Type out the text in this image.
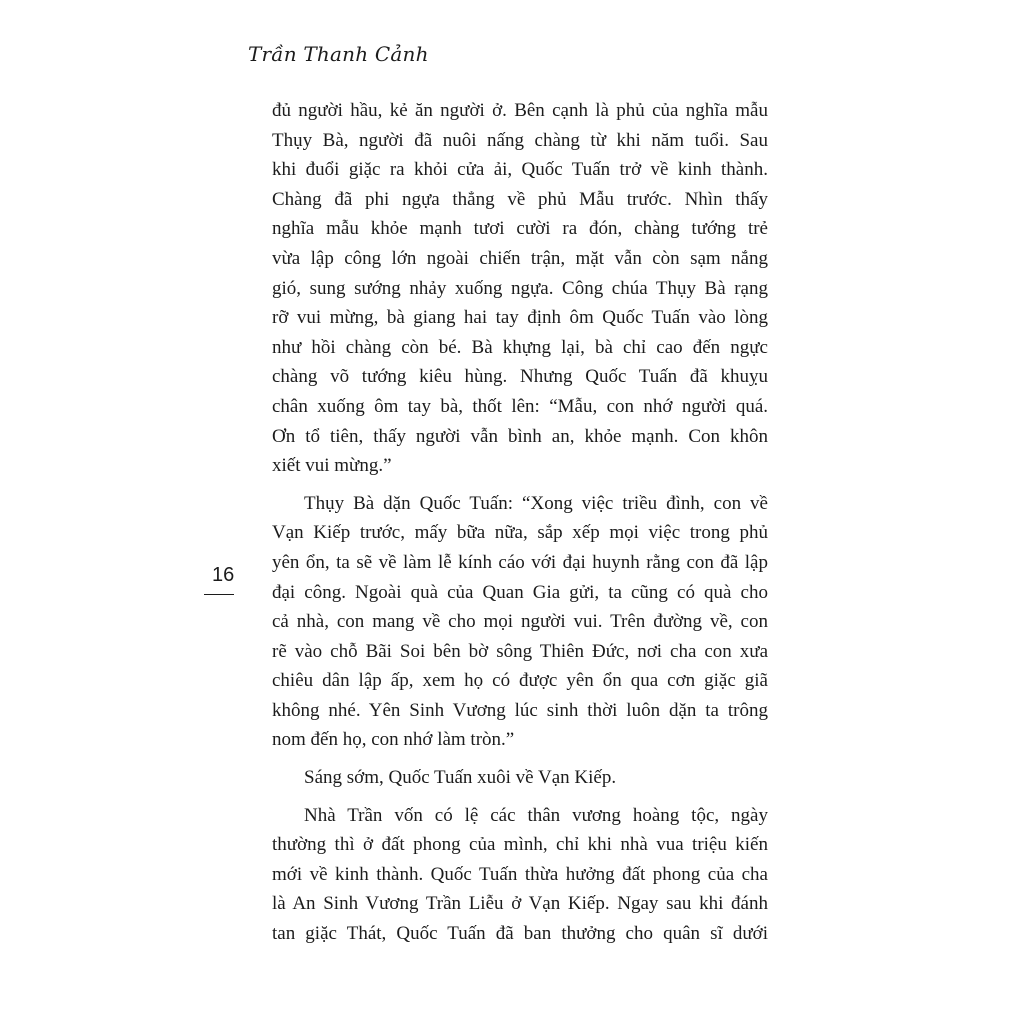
Trần Thanh Cảnh
16
đủ người hầu, kẻ ăn người ở. Bên cạnh là phủ của nghĩa mẫu
Thụy Bà, người đã nuôi nấng chàng từ khi năm tuổi. Sau
khi đuổi giặc ra khỏi cửa ải, Quốc Tuấn trở về kinh thành.
Chàng đã phi ngựa thẳng về phủ Mẫu trước. Nhìn thấy
nghĩa mẫu khỏe mạnh tươi cười ra đón, chàng tướng trẻ
vừa lập công lớn ngoài chiến trận, mặt vẫn còn sạm nắng
gió, sung sướng nhảy xuống ngựa. Công chúa Thụy Bà rạng
rỡ vui mừng, bà giang hai tay định ôm Quốc Tuấn vào lòng
như hồi chàng còn bé. Bà khựng lại, bà chỉ cao đến ngực
chàng võ tướng kiêu hùng. Nhưng Quốc Tuấn đã khuỵu
chân xuống ôm tay bà, thốt lên: “Mẫu, con nhớ người quá.
Ơn tổ tiên, thấy người vẫn bình an, khỏe mạnh. Con khôn
xiết vui mừng.”
Thụy Bà dặn Quốc Tuấn: “Xong việc triều đình, con về
Vạn Kiếp trước, mấy bữa nữa, sắp xếp mọi việc trong phủ
yên ổn, ta sẽ về làm lễ kính cáo với đại huynh rằng con đã lập
đại công. Ngoài quà của Quan Gia gửi, ta cũng có quà cho
cả nhà, con mang về cho mọi người vui. Trên đường về, con
rẽ vào chỗ Bãi Soi bên bờ sông Thiên Đức, nơi cha con xưa
chiêu dân lập ấp, xem họ có được yên ổn qua cơn giặc giã
không nhé. Yên Sinh Vương lúc sinh thời luôn dặn ta trông
nom đến họ, con nhớ làm tròn.”
Sáng sớm, Quốc Tuấn xuôi về Vạn Kiếp.
Nhà Trần vốn có lệ các thân vương hoàng tộc, ngày
thường thì ở đất phong của mình, chỉ khi nhà vua triệu kiến
mới về kinh thành. Quốc Tuấn thừa hưởng đất phong của cha
là An Sinh Vương Trần Liễu ở Vạn Kiếp. Ngay sau khi đánh
tan giặc Thát, Quốc Tuấn đã ban thưởng cho quân sĩ dưới
